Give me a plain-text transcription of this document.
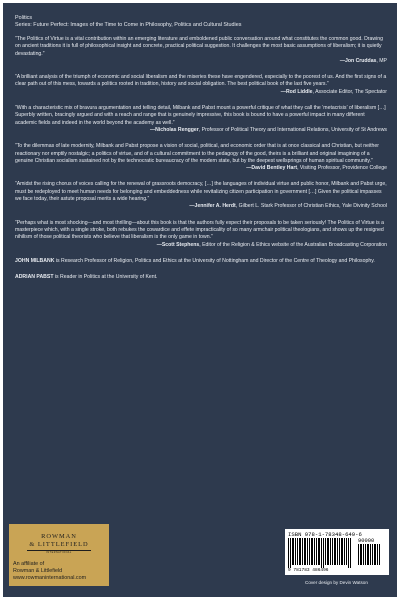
Politics

Series: Future Perfect: Images of the Time to Come in Philosophy, Politics and Cultural Studies

“The Politics of Virtue is a vital contribution within an emerging literature and emboldened public conversation around what constitutes the common good. Drawing on ancient traditions it is full of philosophical insight and concrete, practical political suggestion. It challenges the most basic assumptions of liberalism; it is quietly devastating.”
—Jon Cruddas, MP
“A brilliant analysis of the triumph of economic and social liberalism and the miseries these have engendered, especially to the poorest of us. And the first signs of a clear path out of this mess, towards a politics rooted in tradition, history and social obligation. The best political book of the last five years.”
—Rod Liddle, Associate Editor, The Spectator
“With a characteristic mix of bravura argumentation and telling detail, Milbank and Pabst mount a powerful critique of what they call the ‘metacrisis’ of liberalism […] Superbly written, bracingly argued and with a reach and range that is genuinely impressive, this book is bound to have a powerful impact in many different academic fields and indeed in the world beyond the academy as well.”
—Nicholas Rengger, Professor of Political Theory and International Relations, University of St Andrews
“To the dilemmas of late modernity, Milbank and Pabst propose a vision of social, political, and economic order that is at once classical and Christian, but neither reactionary nor emptily nostalgic; a politics of virtue, and of a cultural commitment to the pedagogy of the good, theirs is a brilliant and original imagining of a genuine Christian socialism sustained not by the technocratic bureaucracy of the modern state, but by the deepest wellsprings of human spiritual community.”
—David Bentley Hart, Visiting Professor, Providence College
“Amidst the rising chorus of voices calling for the renewal of grassroots democracy, […] the languages of individual virtue and public honor, Milbank and Pabst urge, must be redeployed to meet human needs for belonging and embeddedness while revitalizing citizen participation in government […] Given the political impasses we face today, their astute proposal merits a wide hearing.”
—Jennifer A. Herdt, Gilbert L. Stark Professor of Christian Ethics, Yale Divinity School
“Perhaps what is most shocking—and most thrilling—about this book is that the authors fully expect their proposals to be taken seriously! The Politics of Virtue is a masterpiece which, with a single stroke, both rebukes the cowardice and effete impracticality of so many armchair political theologians, and shows up the resigned nihilism of those political theorists who believe that liberalism is the only game in town.”
—Scott Stephens, Editor of the Religion & Ethics website of the Australian Broadcasting Corporation

JOHN MILBANK is Research Professor of Religion, Politics and Ethics at the University of Nottingham and Director of the Centre of Theology and Philosophy.

ADRIAN PABST is Reader in Politics at the University of Kent.

ROWMAN
& LITTLEFIELD
INTERNATIONAL
An affiliate of
Rowman & Littlefield
www.rowmaninternational.com
ISBN 978-1-78348-649-6
90000
9 781783 486496
Cover design by Devin Watson
